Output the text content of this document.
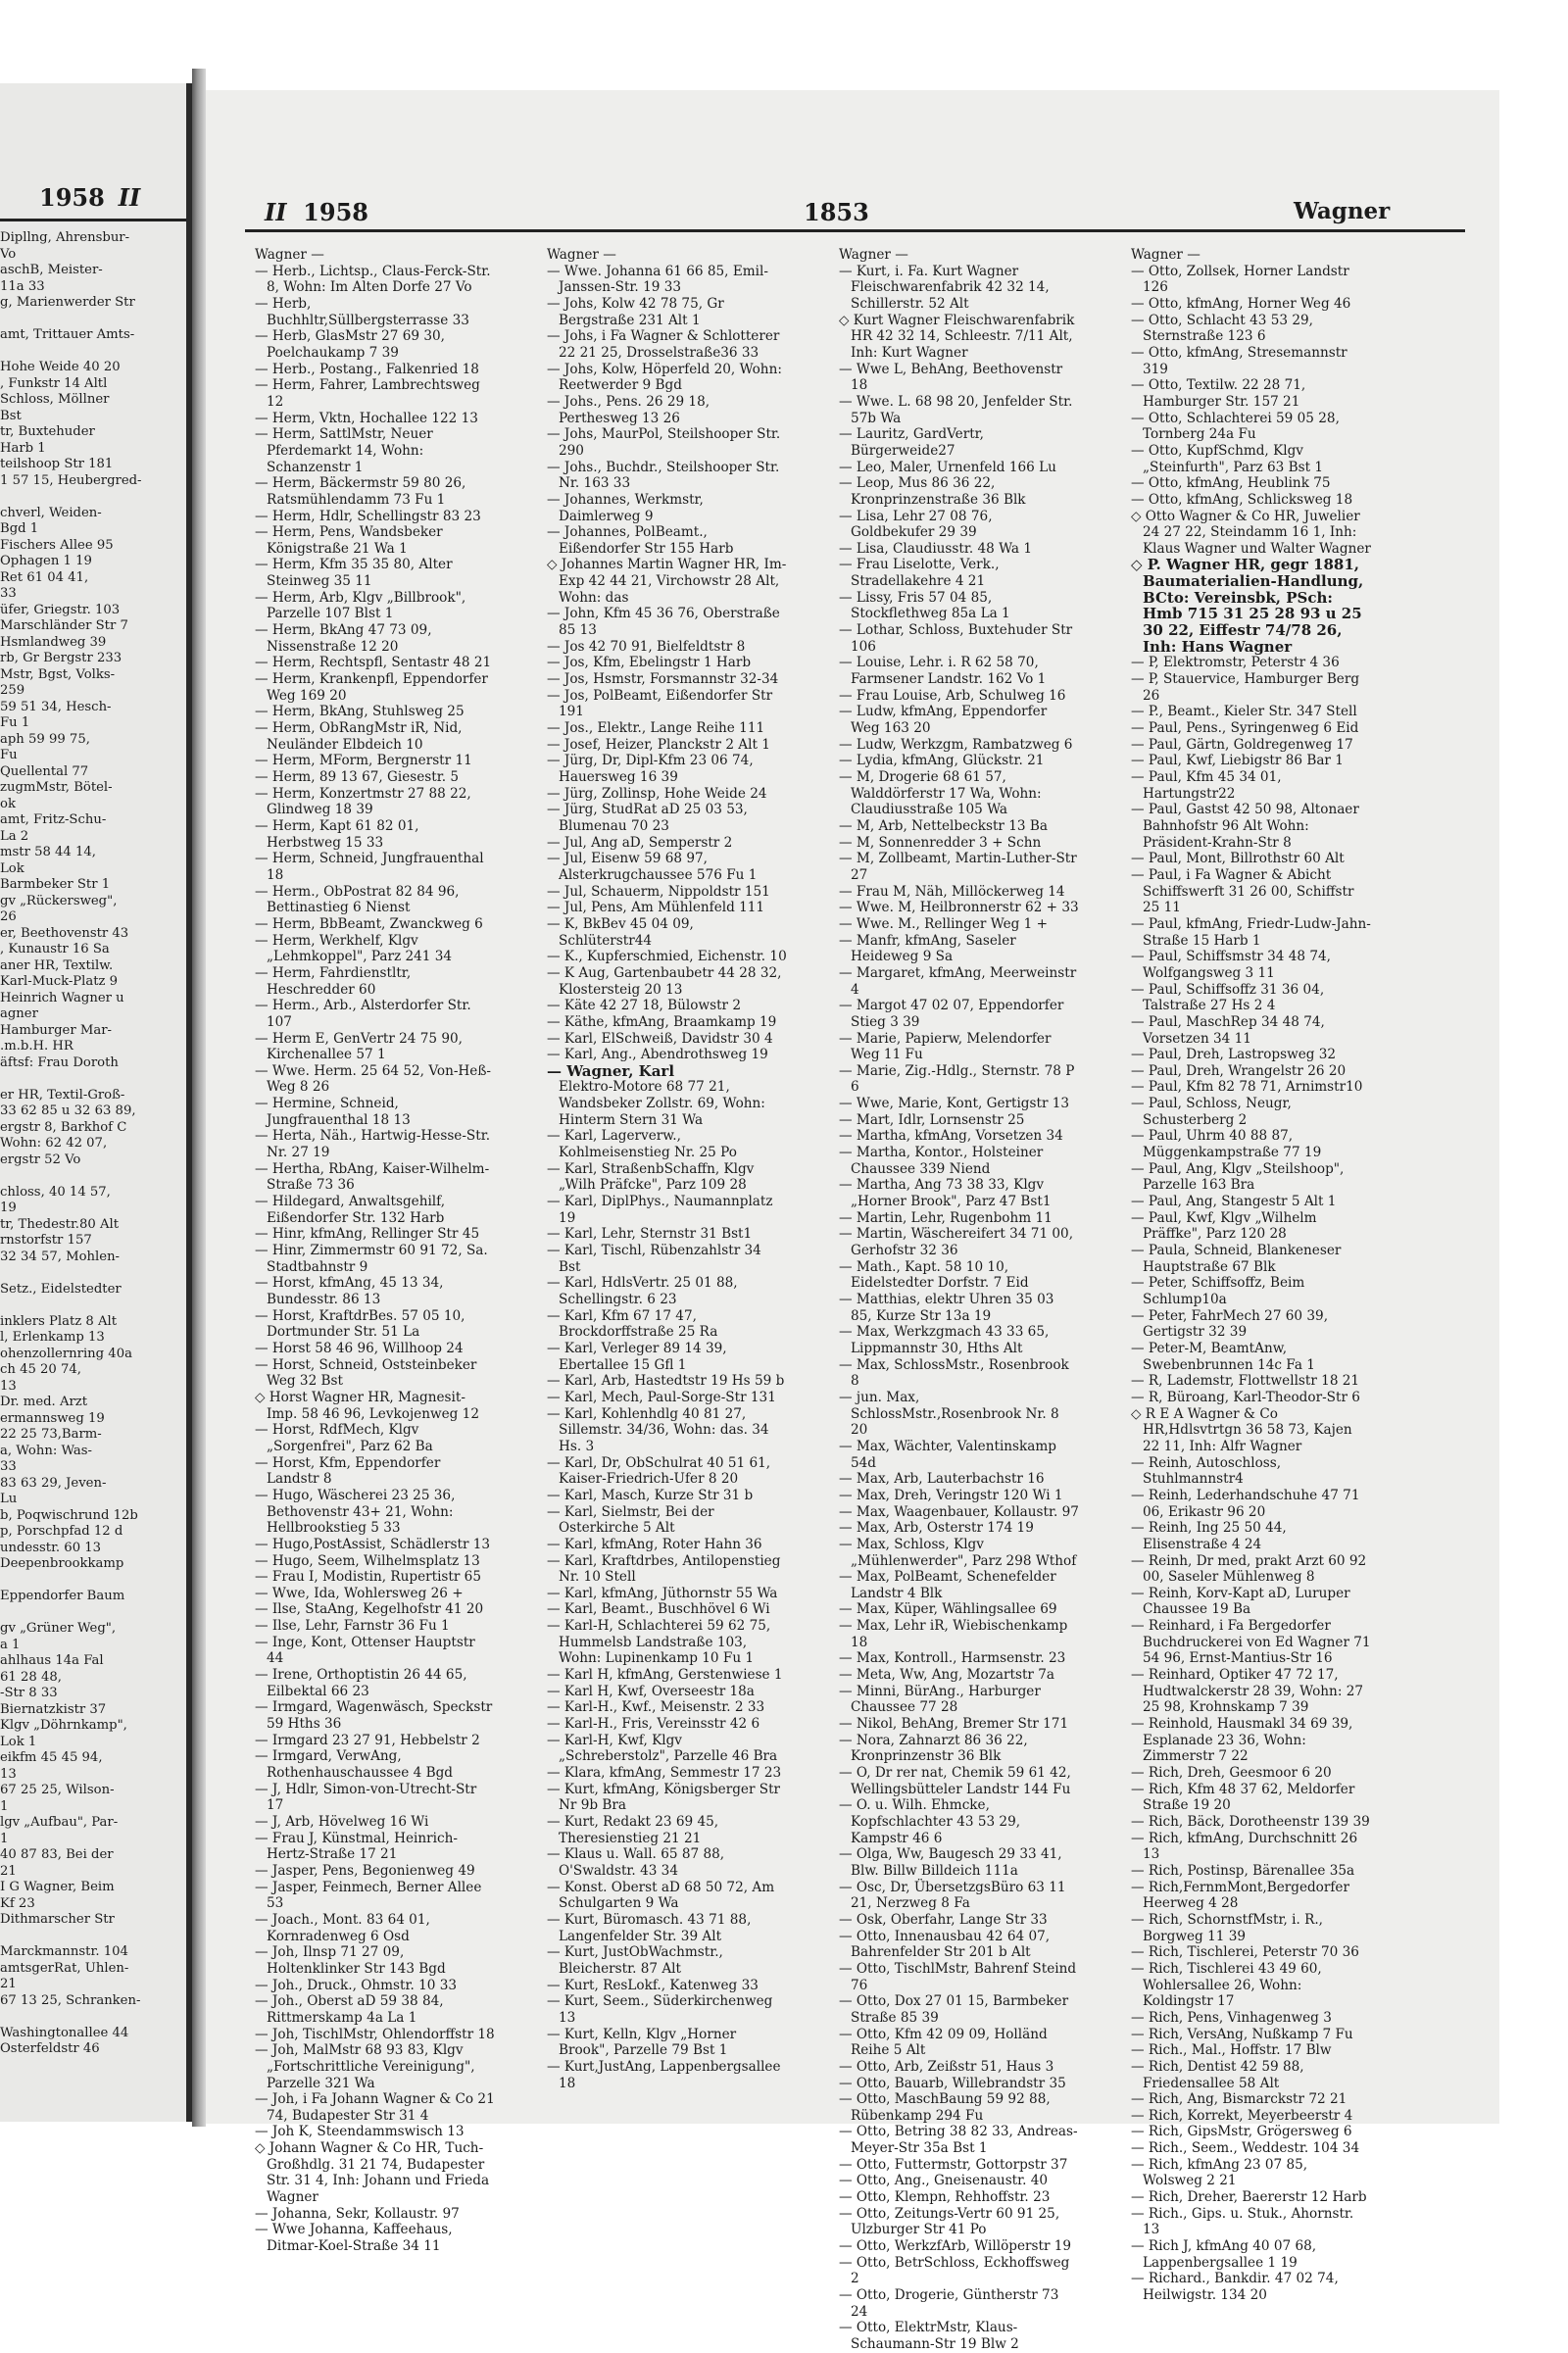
1958 II
Dipllng, Ahrensbur-
Vo
aschB, Meister-
11a 33
g, Marienwerder Str

amt, Trittauer Amts-

Hohe Weide 40 20
, Funkstr 14 Altl
Schloss, Möllner
Bst
tr, Buxtehuder
Harb 1
teilshoop Str 181
1 57 15, Heubergred-

chverl, Weiden-
Bgd 1
Fischers Allee 95
Ophagen 1 19
Ret 61 04 41,
33
üfer, Griegstr. 103
Marschländer Str 7
Hsmlandweg 39
rb, Gr Bergstr 233
Mstr, Bgst, Volks-
259
59 51 34, Hesch-
Fu 1
aph 59 99 75,
Fu
Quellental 77
zugmMstr, Bötel-
ok
amt, Fritz-Schu-
La 2
mstr 58 44 14,
Lok
Barmbeker Str 1
gv „Rückersweg",
26
er, Beethovenstr 43
, Kunaustr 16 Sa
aner HR, Textilw.
Karl-Muck-Platz 9
Heinrich Wagner u
agner
Hamburger Mar-
.m.b.H. HR
äftsf: Frau Doroth

er HR, Textil-Groß-
33 62 85 u 32 63 89,
ergstr 8, Barkhof C
Wohn: 62 42 07,
ergstr 52 Vo

chloss, 40 14 57,
19
tr, Thedestr.80 Alt
rnstorfstr 157
32 34 57, Mohlen-

Setz., Eidelstedter

inklers Platz 8 Alt
l, Erlenkamp 13
ohenzollernring 40a
ch 45 20 74,
13
Dr. med. Arzt
ermannsweg 19
22 25 73,Barm-
a, Wohn: Was-
33
83 63 29, Jeven-
Lu
b, Poqwischrund 12b
p, Porschpfad 12 d
undesstr. 60 13
Deepenbrookkamp

Eppendorfer Baum

gv „Grüner Weg",
a 1
ahlhaus 14a Fal
61 28 48,
-Str 8 33
Biernatzkistr 37
Klgv „Döhrnkamp",
Lok 1
eikfm 45 45 94,
13
67 25 25, Wilson-
1
lgv „Aufbau", Par-
1
40 87 83, Bei der
21
I G Wagner, Beim
Kf 23
Dithmarscher Str

Marckmannstr. 104
amtsgerRat, Uhlen-
21
67 13 25, Schranken-

Washingtonallee 44
Osterfeldstr 46
II 1958	1853	Wagner
Wagner —
— Herb., Lichtsp., Claus-Ferck-Str. 8, Wohn: Im Alten Dorfe 27 Vo
— Herb, Buchhltr,Süllbergsterrasse 33
— Herb, GlasMstr 27 69 30, Poelchaukamp 7 39
— Herb., Postang., Falkenried 18
— Herm, Fahrer, Lambrechtsweg 12
— Herm, Vktn, Hochallee 122 13
— Herm, SattlMstr, Neuer Pferdemarkt 14, Wohn: Schanzenstr 1
— Herm, Bäckermstr 59 80 26, Ratsmühlendamm 73 Fu 1
— Herm, Hdlr, Schellingstr 83 23
— Herm, Pens, Wandsbeker Königstraße 21 Wa 1
— Herm, Kfm 35 35 80, Alter Steinweg 35 11
— Herm, Arb, Klgv „Billbrook", Parzelle 107 Blst 1
— Herm, BkAng 47 73 09, Nissenstraße 12 20
— Herm, Rechtspfl, Sentastr 48 21
— Herm, Krankenpfl, Eppendorfer Weg 169 20
— Herm, BkAng, Stuhlsweg 25
— Herm, ObRangMstr iR, Nid, Neuländer Elbdeich 10
— Herm, MForm, Bergnerstr 11
— Herm, 89 13 67, Giesestr. 5
— Herm, Konzertmstr 27 88 22, Glindweg 18 39
— Herm, Kapt 61 82 01, Herbstweg 15 33
— Herm, Schneid, Jungfrauenthal 18
— Herm., ObPostrat 82 84 96, Bettinastieg 6 Nienst
— Herm, BbBeamt, Zwanckweg 6
— Herm, Werkhelf, Klgv „Lehmkoppel", Parz 241 34
— Herm, Fahrdienstltr, Heschredder 60
— Herm., Arb., Alsterdorfer Str. 107
— Herm E, GenVertr 24 75 90, Kirchenallee 57 1
— Wwe. Herm. 25 64 52, Von-Heß-Weg 8 26
— Hermine, Schneid, Jungfrauenthal 18 13
— Herta, Näh., Hartwig-Hesse-Str. Nr. 27 19
— Hertha, RbAng, Kaiser-Wilhelm-Straße 73 36
— Hildegard, Anwaltsgehilf, Eißendorfer Str. 132 Harb
— Hinr, kfmAng, Rellinger Str 45
— Hinr, Zimmermstr 60 91 72, Sa. Stadtbahnstr 9
— Horst, kfmAng, 45 13 34, Bundesstr. 86 13
— Horst, KraftdrBes. 57 05 10, Dortmunder Str. 51 La
— Horst 58 46 96, Willhoop 24
— Horst, Schneid, Oststeinbeker Weg 32 Bst
◇ Horst Wagner HR, Magnesit-Imp. 58 46 96, Levkojenweg 12
— Horst, RdfMech, Klgv „Sorgenfrei", Parz 62 Ba
— Horst, Kfm, Eppendorfer Landstr 8
— Hugo, Wäscherei 23 25 36, Bethovenstr 43+ 21, Wohn: Hellbrookstieg 5 33
— Hugo,PostAssist, Schädlerstr 13
— Hugo, Seem, Wilhelmsplatz 13
— Frau I, Modistin, Rupertistr 65
— Wwe, Ida, Wohlersweg 26 +
— Ilse, StaAng, Kegelhofstr 41 20
— Ilse, Lehr, Farnstr 36 Fu 1
— Inge, Kont, Ottenser Hauptstr 44
— Irene, Orthoptistin 26 44 65, Eilbektal 66 23
— Irmgard, Wagenwäsch, Speckstr 59 Hths 36
— Irmgard 23 27 91, Hebbelstr 2
— Irmgard, VerwAng, Rothenhauschaussee 4 Bgd
— J, Hdlr, Simon-von-Utrecht-Str 17
— J, Arb, Hövelweg 16 Wi
— Frau J, Künstmal, Heinrich-Hertz-Straße 17 21
— Jasper, Pens, Begonienweg 49
— Jasper, Feinmech, Berner Allee 53
— Joach., Mont. 83 64 01, Kornradenweg 6 Osd
— Joh, Ilnsp 71 27 09, Holtenklinker Str 143 Bgd
— Joh., Druck., Ohmstr. 10 33
— Joh., Oberst aD 59 38 84, Rittmerskamp 4a La 1
— Joh, TischlMstr, Ohlendorffstr 18
— Joh, MalMstr 68 93 83, Klgv „Fortschrittliche Vereinigung", Parzelle 321 Wa
— Joh, i Fa Johann Wagner & Co 21 74, Budapester Str 31 4
— Joh K, Steendammswisch 13
◇ Johann Wagner & Co HR, Tuch-Großhdlg. 31 21 74, Budapester Str. 31 4, Inh: Johann und Frieda Wagner
— Johanna, Sekr, Kollaustr. 97
— Wwe Johanna, Kaffeehaus, Ditmar-Koel-Straße 34 11
Wagner —
— Wwe. Johanna 61 66 85, Emil-Janssen-Str. 19 33
— Johs, Kolw 42 78 75, Gr Bergstraße 231 Alt 1
— Johs, i Fa Wagner & Schlotterer 22 21 25, Drosselstraße36 33
— Johs, Kolw, Höperfeld 20, Wohn: Reetwerder 9 Bgd
— Johs., Pens. 26 29 18, Perthesweg 13 26
— Johs, MaurPol, Steilshooper Str. 290
— Johs., Buchdr., Steilshooper Str. Nr. 163 33
— Johannes, Werkmstr, Daimlerweg 9
— Johannes, PolBeamt., Eißendorfer Str 155 Harb
◇ Johannes Martin Wagner HR, Im-Exp 42 44 21, Virchowstr 28 Alt, Wohn: das
— John, Kfm 45 36 76, Oberstraße 85 13
— Jos 42 70 91, Bielfeldtstr 8
— Jos, Kfm, Ebelingstr 1 Harb
— Jos, Hsmstr, Forsmannstr 32-34
— Jos, PolBeamt, Eißendorfer Str 191
— Jos., Elektr., Lange Reihe 111
— Josef, Heizer, Planckstr 2 Alt 1
— Jürg, Dr, Dipl-Kfm 23 06 74, Hauersweg 16 39
— Jürg, Zollinsp, Hohe Weide 24
— Jürg, StudRat aD 25 03 53, Blumenau 70 23
— Jul, Ang aD, Semperstr 2
— Jul, Eisenw 59 68 97, Alsterkrugchaussee 576 Fu 1
— Jul, Schauerm, Nippoldstr 151
— Jul, Pens, Am Mühlenfeld 111
— K, BkBev 45 04 09, Schlüterstr44
— K., Kupferschmied, Eichenstr. 10
— K Aug, Gartenbaubetr 44 28 32, Klostersteig 20 13
— Käte 42 27 18, Bülowstr 2
— Käthe, kfmAng, Braamkamp 19
— Karl, ElSchweiß, Davidstr 30 4
— Karl, Ang., Abendrothsweg 19
— Wagner, Karl
Elektro-Motore 68 77 21, Wandsbeker Zollstr. 69, Wohn: Hinterm Stern 31 Wa
— Karl, Lagerverw., Kohlmeisenstieg Nr. 25 Po
— Karl, StraßenbSchaffn, Klgv „Wilh Präfcke", Parz 109 28
— Karl, DiplPhys., Naumannplatz 19
— Karl, Lehr, Sternstr 31 Bst1
— Karl, Tischl, Rübenzahlstr 34 Bst
— Karl, HdlsVertr. 25 01 88, Schellingstr. 6 23
— Karl, Kfm 67 17 47, Brockdorffstraße 25 Ra
— Karl, Verleger 89 14 39, Ebertallee 15 Gfl 1
— Karl, Arb, Hastedtstr 19 Hs 59 b
— Karl, Mech, Paul-Sorge-Str 131
— Karl, Kohlenhdlg 40 81 27, Sillemstr. 34/36, Wohn: das. 34 Hs. 3
— Karl, Dr, ObSchulrat 40 51 61, Kaiser-Friedrich-Ufer 8 20
— Karl, Masch, Kurze Str 31 b
— Karl, Sielmstr, Bei der Osterkirche 5 Alt
— Karl, kfmAng, Roter Hahn 36
— Karl, Kraftdrbes, Antilopenstieg Nr. 10 Stell
— Karl, kfmAng, Jüthornstr 55 Wa
— Karl, Beamt., Buschhövel 6 Wi
— Karl-H, Schlachterei 59 62 75, Hummelsb Landstraße 103, Wohn: Lupinenkamp 10 Fu 1
— Karl H, kfmAng, Gerstenwiese 1
— Karl H, Kwf, Overseestr 18a
— Karl-H., Kwf., Meisenstr. 2 33
— Karl-H., Fris, Vereinsstr 42 6
— Karl-H, Kwf, Klgv „Schreberstolz", Parzelle 46 Bra
— Klara, kfmAng, Semmestr 17 23
— Kurt, kfmAng, Königsberger Str Nr 9b Bra
— Kurt, Redakt 23 69 45, Theresienstieg 21 21
— Klaus u. Wall. 65 87 88, O'Swaldstr. 43 34
— Konst. Oberst aD 68 50 72, Am Schulgarten 9 Wa
— Kurt, Büromasch. 43 71 88, Langenfelder Str. 39 Alt
— Kurt, JustObWachmstr., Bleicherstr. 87 Alt
— Kurt, ResLokf., Katenweg 33
— Kurt, Seem., Süderkirchenweg 13
— Kurt, Kelln, Klgv „Horner Brook", Parzelle 79 Bst 1
— Kurt,JustAng, Lappenbergsallee 18
Wagner —
— Kurt, i. Fa. Kurt Wagner Fleischwarenfabrik 42 32 14, Schillerstr. 52 Alt
◇ Kurt Wagner Fleischwarenfabrik HR 42 32 14, Schleestr. 7/11 Alt, Inh: Kurt Wagner
— Wwe L, BehAng, Beethovenstr 18
— Wwe. L. 68 98 20, Jenfelder Str. 57b Wa
— Lauritz, GardVertr, Bürgerweide27
— Leo, Maler, Urnenfeld 166 Lu
— Leop, Mus 86 36 22, Kronprinzenstraße 36 Blk
— Lisa, Lehr 27 08 76, Goldbekufer 29 39
— Lisa, Claudiusstr. 48 Wa 1
— Frau Liselotte, Verk., Stradellakehre 4 21
— Lissy, Fris 57 04 85, Stockflethweg 85a La 1
— Lothar, Schloss, Buxtehuder Str 106
— Louise, Lehr. i. R 62 58 70, Farmsener Landstr. 162 Vo 1
— Frau Louise, Arb, Schulweg 16
— Ludw, kfmAng, Eppendorfer Weg 163 20
— Ludw, Werkzgm, Rambatzweg 6
— Lydia, kfmAng, Glückstr. 21
— M, Drogerie 68 61 57, Walddörferstr 17 Wa, Wohn: Claudiusstraße 105 Wa
— M, Arb, Nettelbeckstr 13 Ba
— M, Sonnenredder 3 + Schn
— M, Zollbeamt, Martin-Luther-Str 27
— Frau M, Näh, Millöckerweg 14
— Wwe. M, Heilbronnerstr 62 + 33
— Wwe. M., Rellinger Weg 1 +
— Manfr, kfmAng, Saseler Heideweg 9 Sa
— Margaret, kfmAng, Meerweinstr 4
— Margot 47 02 07, Eppendorfer Stieg 3 39
— Marie, Papierw, Melendorfer Weg 11 Fu
— Marie, Zig.-Hdlg., Sternstr. 78 P 6
— Wwe, Marie, Kont, Gertigstr 13
— Mart, Idlr, Lornsenstr 25
— Martha, kfmAng, Vorsetzen 34
— Martha, Kontor., Holsteiner Chaussee 339 Niend
— Martha, Ang 73 38 33, Klgv „Horner Brook", Parz 47 Bst1
— Martin, Lehr, Rugenbohm 11
— Martin, Wäschereifert 34 71 00, Gerhofstr 32 36
— Math., Kapt. 58 10 10, Eidelstedter Dorfstr. 7 Eid
— Matthias, elektr Uhren 35 03 85, Kurze Str 13a 19
— Max, Werkzgmach 43 33 65, Lippmannstr 30, Hths Alt
— Max, SchlossMstr., Rosenbrook 8
— jun. Max, SchlossMstr.,Rosenbrook Nr. 8 20
— Max, Wächter, Valentinskamp 54d
— Max, Arb, Lauterbachstr 16
— Max, Dreh, Veringstr 120 Wi 1
— Max, Waagenbauer, Kollaustr. 97
— Max, Arb, Osterstr 174 19
— Max, Schloss, Klgv „Mühlenwerder", Parz 298 Wthof
— Max, PolBeamt, Schenefelder Landstr 4 Blk
— Max, Küper, Wählingsallee 69
— Max, Lehr iR, Wiebischenkamp 18
— Max, Kontroll., Harmsenstr. 23
— Meta, Ww, Ang, Mozartstr 7a
— Minni, BürAng., Harburger Chaussee 77 28
— Nikol, BehAng, Bremer Str 171
— Nora, Zahnarzt 86 36 22, Kronprinzenstr 36 Blk
— O, Dr rer nat, Chemik 59 61 42, Wellingsbütteler Landstr 144 Fu
— O. u. Wilh. Ehmcke, Kopfschlachter 43 53 29, Kampstr 46 6
— Olga, Ww, Baugesch 29 33 41, Blw. Billw Billdeich 111a
— Osc, Dr, ÜbersetzgsBüro 63 11 21, Nerzweg 8 Fa
— Osk, Oberfahr, Lange Str 33
— Otto, Innenausbau 42 64 07, Bahrenfelder Str 201 b Alt
— Otto, TischlMstr, Bahrenf Steind 76
— Otto, Dox 27 01 15, Barmbeker Straße 85 39
— Otto, Kfm 42 09 09, Holländ Reihe 5 Alt
— Otto, Arb, Zeißstr 51, Haus 3
— Otto, Bauarb, Willebrandstr 35
— Otto, MaschBaung 59 92 88, Rübenkamp 294 Fu
— Otto, Betring 38 82 33, Andreas-Meyer-Str 35a Bst 1
— Otto, Futtermstr, Gottorpstr 37
— Otto, Ang., Gneisenaustr. 40
— Otto, Klempn, Rehhoffstr. 23
— Otto, Zeitungs-Vertr 60 91 25, Ulzburger Str 41 Po
— Otto, WerkzfArb, Willöperstr 19
— Otto, BetrSchloss, Eckhoffsweg 2
— Otto, Drogerie, Güntherstr 73 24
— Otto, ElektrMstr, Klaus-Schaumann-Str 19 Blw 2
Wagner —
— Otto, Zollsek, Horner Landstr 126
— Otto, kfmAng, Horner Weg 46
— Otto, Schlacht 43 53 29, Sternstraße 123 6
— Otto, kfmAng, Stresemannstr 319
— Otto, Textilw. 22 28 71, Hamburger Str. 157 21
— Otto, Schlachterei 59 05 28, Tornberg 24a Fu
— Otto, KupfSchmd, Klgv „Steinfurth", Parz 63 Bst 1
— Otto, kfmAng, Heublink 75
— Otto, kfmAng, Schlicksweg 18
◇ Otto Wagner & Co HR, Juwelier 24 27 22, Steindamm 16 1, Inh: Klaus Wagner und Walter Wagner
◇ P. Wagner HR, gegr 1881, Baumaterialien-Handlung, BCto: Vereinsbk, PSch: Hmb 715 31 25 28 93 u 25 30 22, Eiffestr 74/78 26, Inh: Hans Wagner
— P, Elektromstr, Peterstr 4 36
— P, Stauervice, Hamburger Berg 26
— P., Beamt., Kieler Str. 347 Stell
— Paul, Pens., Syringenweg 6 Eid
— Paul, Gärtn, Goldregenweg 17
— Paul, Kwf, Liebigstr 86 Bar 1
— Paul, Kfm 45 34 01, Hartungstr22
— Paul, Gastst 42 50 98, Altonaer Bahnhofstr 96 Alt Wohn: Präsident-Krahn-Str 8
— Paul, Mont, Billrothstr 60 Alt
— Paul, i Fa Wagner & Abicht Schiffswerft 31 26 00, Schiffstr 25 11
— Paul, kfmAng, Friedr-Ludw-Jahn-Straße 15 Harb 1
— Paul, Schiffsmstr 34 48 74, Wolfgangsweg 3 11
— Paul, Schiffsoffz 31 36 04, Talstraße 27 Hs 2 4
— Paul, MaschRep 34 48 74, Vorsetzen 34 11
— Paul, Dreh, Lastropsweg 32
— Paul, Dreh, Wrangelstr 26 20
— Paul, Kfm 82 78 71, Arnimstr10
— Paul, Schloss, Neugr, Schusterberg 2
— Paul, Uhrm 40 88 87, Müggenkampstraße 77 19
— Paul, Ang, Klgv „Steilshoop", Parzelle 163 Bra
— Paul, Ang, Stangestr 5 Alt 1
— Paul, Kwf, Klgv „Wilhelm Präffke", Parz 120 28
— Paula, Schneid, Blankeneser Hauptstraße 67 Blk
— Peter, Schiffsoffz, Beim Schlump10a
— Peter, FahrMech 27 60 39, Gertigstr 32 39
— Peter-M, BeamtAnw, Swebenbrunnen 14c Fa 1
— R, Lademstr, Flottwellstr 18 21
— R, Büroang, Karl-Theodor-Str 6
◇ R E A Wagner & Co HR,Hdlsvtrtgn 36 58 73, Kajen 22 11, Inh: Alfr Wagner
— Reinh, Autoschloss, Stuhlmannstr4
— Reinh, Lederhandschuhe 47 71 06, Erikastr 96 20
— Reinh, Ing 25 50 44, Elisenstraße 4 24
— Reinh, Dr med, prakt Arzt 60 92 00, Saseler Mühlenweg 8
— Reinh, Korv-Kapt aD, Luruper Chaussee 19 Ba
— Reinhard, i Fa Bergedorfer Buchdruckerei von Ed Wagner 71 54 96, Ernst-Mantius-Str 16
— Reinhard, Optiker 47 72 17, Hudtwalckerstr 28 39, Wohn: 27 25 98, Krohnskamp 7 39
— Reinhold, Hausmakl 34 69 39, Esplanade 23 36, Wohn: Zimmerstr 7 22
— Rich, Dreh, Geesmoor 6 20
— Rich, Kfm 48 37 62, Meldorfer Straße 19 20
— Rich, Bäck, Dorotheenstr 139 39
— Rich, kfmAng, Durchschnitt 26 13
— Rich, Postinsp, Bärenallee 35a
— Rich,FernmMont,Bergedorfer Heerweg 4 28
— Rich, SchornstfMstr, i. R., Borgweg 11 39
— Rich, Tischlerei, Peterstr 70 36
— Rich, Tischlerei 43 49 60, Wohlersallee 26, Wohn: Koldingstr 17
— Rich, Pens, Vinhagenweg 3
— Rich, VersAng, Nußkamp 7 Fu
— Rich., Mal., Hoffstr. 17 Blw
— Rich, Dentist 42 59 88, Friedensallee 58 Alt
— Rich, Ang, Bismarckstr 72 21
— Rich, Korrekt, Meyerbeerstr 4
— Rich, GipsMstr, Grögersweg 6
— Rich., Seem., Weddestr. 104 34
— Rich, kfmAng 23 07 85, Wolsweg 2 21
— Rich, Dreher, Baererstr 12 Harb
— Rich., Gips. u. Stuk., Ahornstr. 13
— Rich J, kfmAng 40 07 68, Lappenbergsallee 1 19
— Richard., Bankdir. 47 02 74, Heilwigstr. 134 20
